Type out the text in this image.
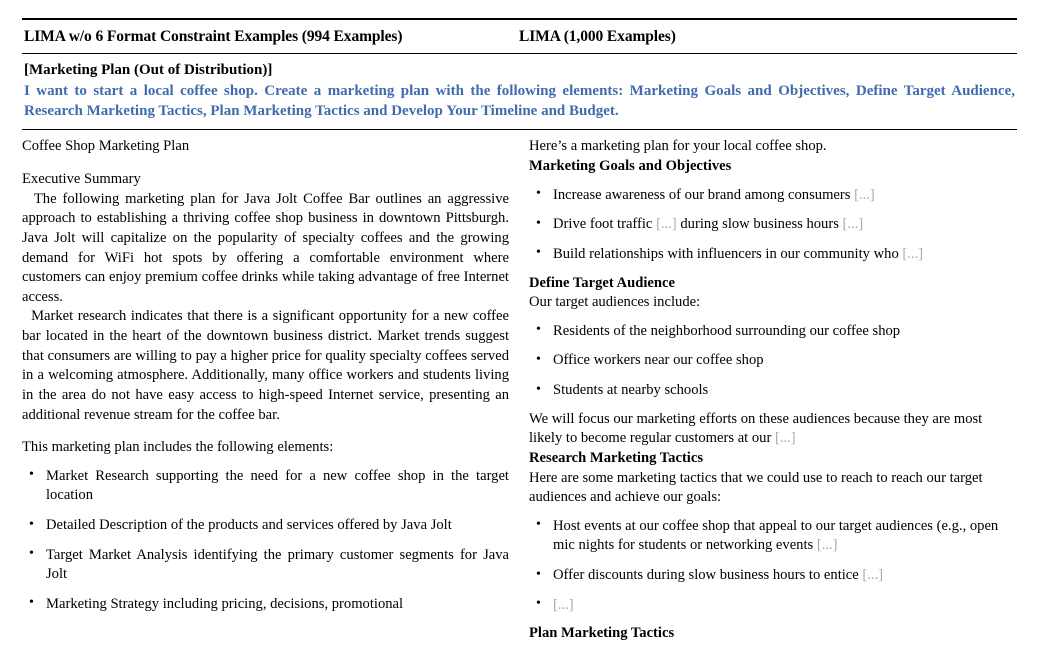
LIMA w/o 6 Format Constraint Examples (994 Examples)	LIMA (1,000 Examples)
[Marketing Plan (Out of Distribution)]
I want to start a local coffee shop. Create a marketing plan with the following elements: Marketing Goals and Objectives, Define Target Audience, Research Marketing Tactics, Plan Marketing Tactics and Develop Your Timeline and Budget.

Coffee Shop Marketing Plan

Executive Summary

The following marketing plan for Java Jolt Coffee Bar outlines an aggressive approach to establishing a thriving coffee shop business in downtown Pittsburgh. Java Jolt will capitalize on the popularity of specialty coffees and the growing demand for WiFi hot spots by offering a comfortable environment where customers can enjoy premium coffee drinks while taking advantage of free Internet access.

Market research indicates that there is a significant opportunity for a new coffee bar located in the heart of the downtown business district. Market trends suggest that consumers are willing to pay a higher price for quality specialty coffees served in a welcoming atmosphere. Additionally, many office workers and students living in the area do not have easy access to high-speed Internet service, presenting an additional revenue stream for the coffee bar.

This marketing plan includes the following elements:

• Market Research supporting the need for a new coffee shop in the target location
• Detailed Description of the products and services offered by Java Jolt
• Target Market Analysis identifying the primary customer segments for Java Jolt
• Marketing Strategy including pricing, decisions, promotional

Here’s a marketing plan for your local coffee shop.

Marketing Goals and Objectives

• Increase awareness of our brand among consumers [...]
• Drive foot traffic [...] during slow business hours [...]
• Build relationships with influencers in our community who [...]

Define Target Audience

Our target audiences include:

• Residents of the neighborhood surrounding our coffee shop
• Office workers near our coffee shop
• Students at nearby schools

We will focus our marketing efforts on these audiences because they are most likely to become regular customers at our [...]

Research Marketing Tactics

Here are some marketing tactics that we could use to reach to reach our target audiences and achieve our goals:

• Host events at our coffee shop that appeal to our target audiences (e.g., open mic nights for students or networking events [...]
• Offer discounts during slow business hours to entice [...]
• [...]

Plan Marketing Tactics
